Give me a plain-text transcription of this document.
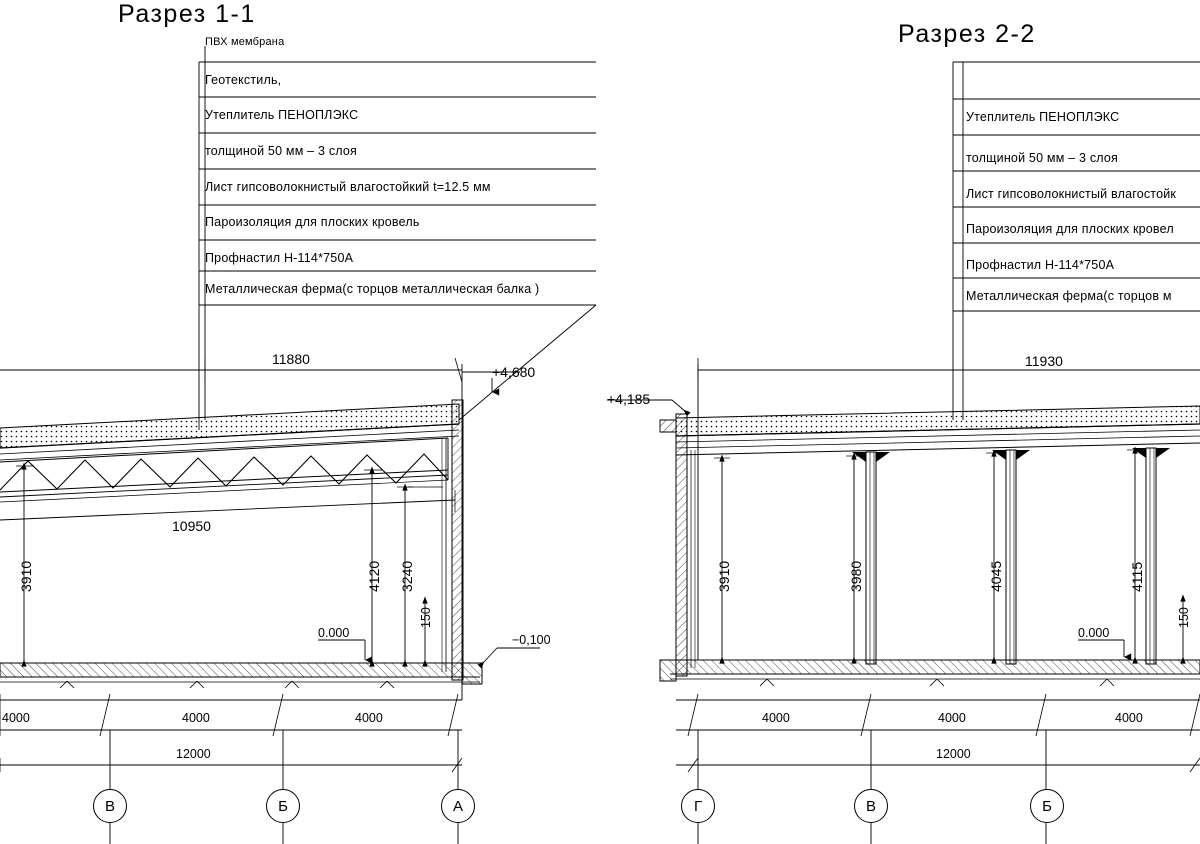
Разрез 1-1
Разрез 2-2
ПВХ мембрана
Геотекстиль,
Утеплитель ПЕНОПЛЭКС
толщиной 50 мм – 3 слоя
Лист гипсоволокнистый влагостойкий t=12.5 мм
Пароизоляция для плоских кровель
Профнастил Н-114*750А
Металлическая ферма(с торцов металлическая балка )
Утеплитель ПЕНОПЛЭКС
толщиной 50 мм – 3 слоя
Лист гипсоволокнистый влагостойк
Пароизоляция для плоских кровел
Профнастил Н-114*750А
Металлическая ферма(с торцов м
11880
10950
+4,680
0.000	−0,100
3910	4120 3240
150
4000	4000	4000
12000
В	Б	А
11930
+4,185
0.000
3910	3980	4045	4115
150
4000	4000	4000
12000
Г	В	Б
